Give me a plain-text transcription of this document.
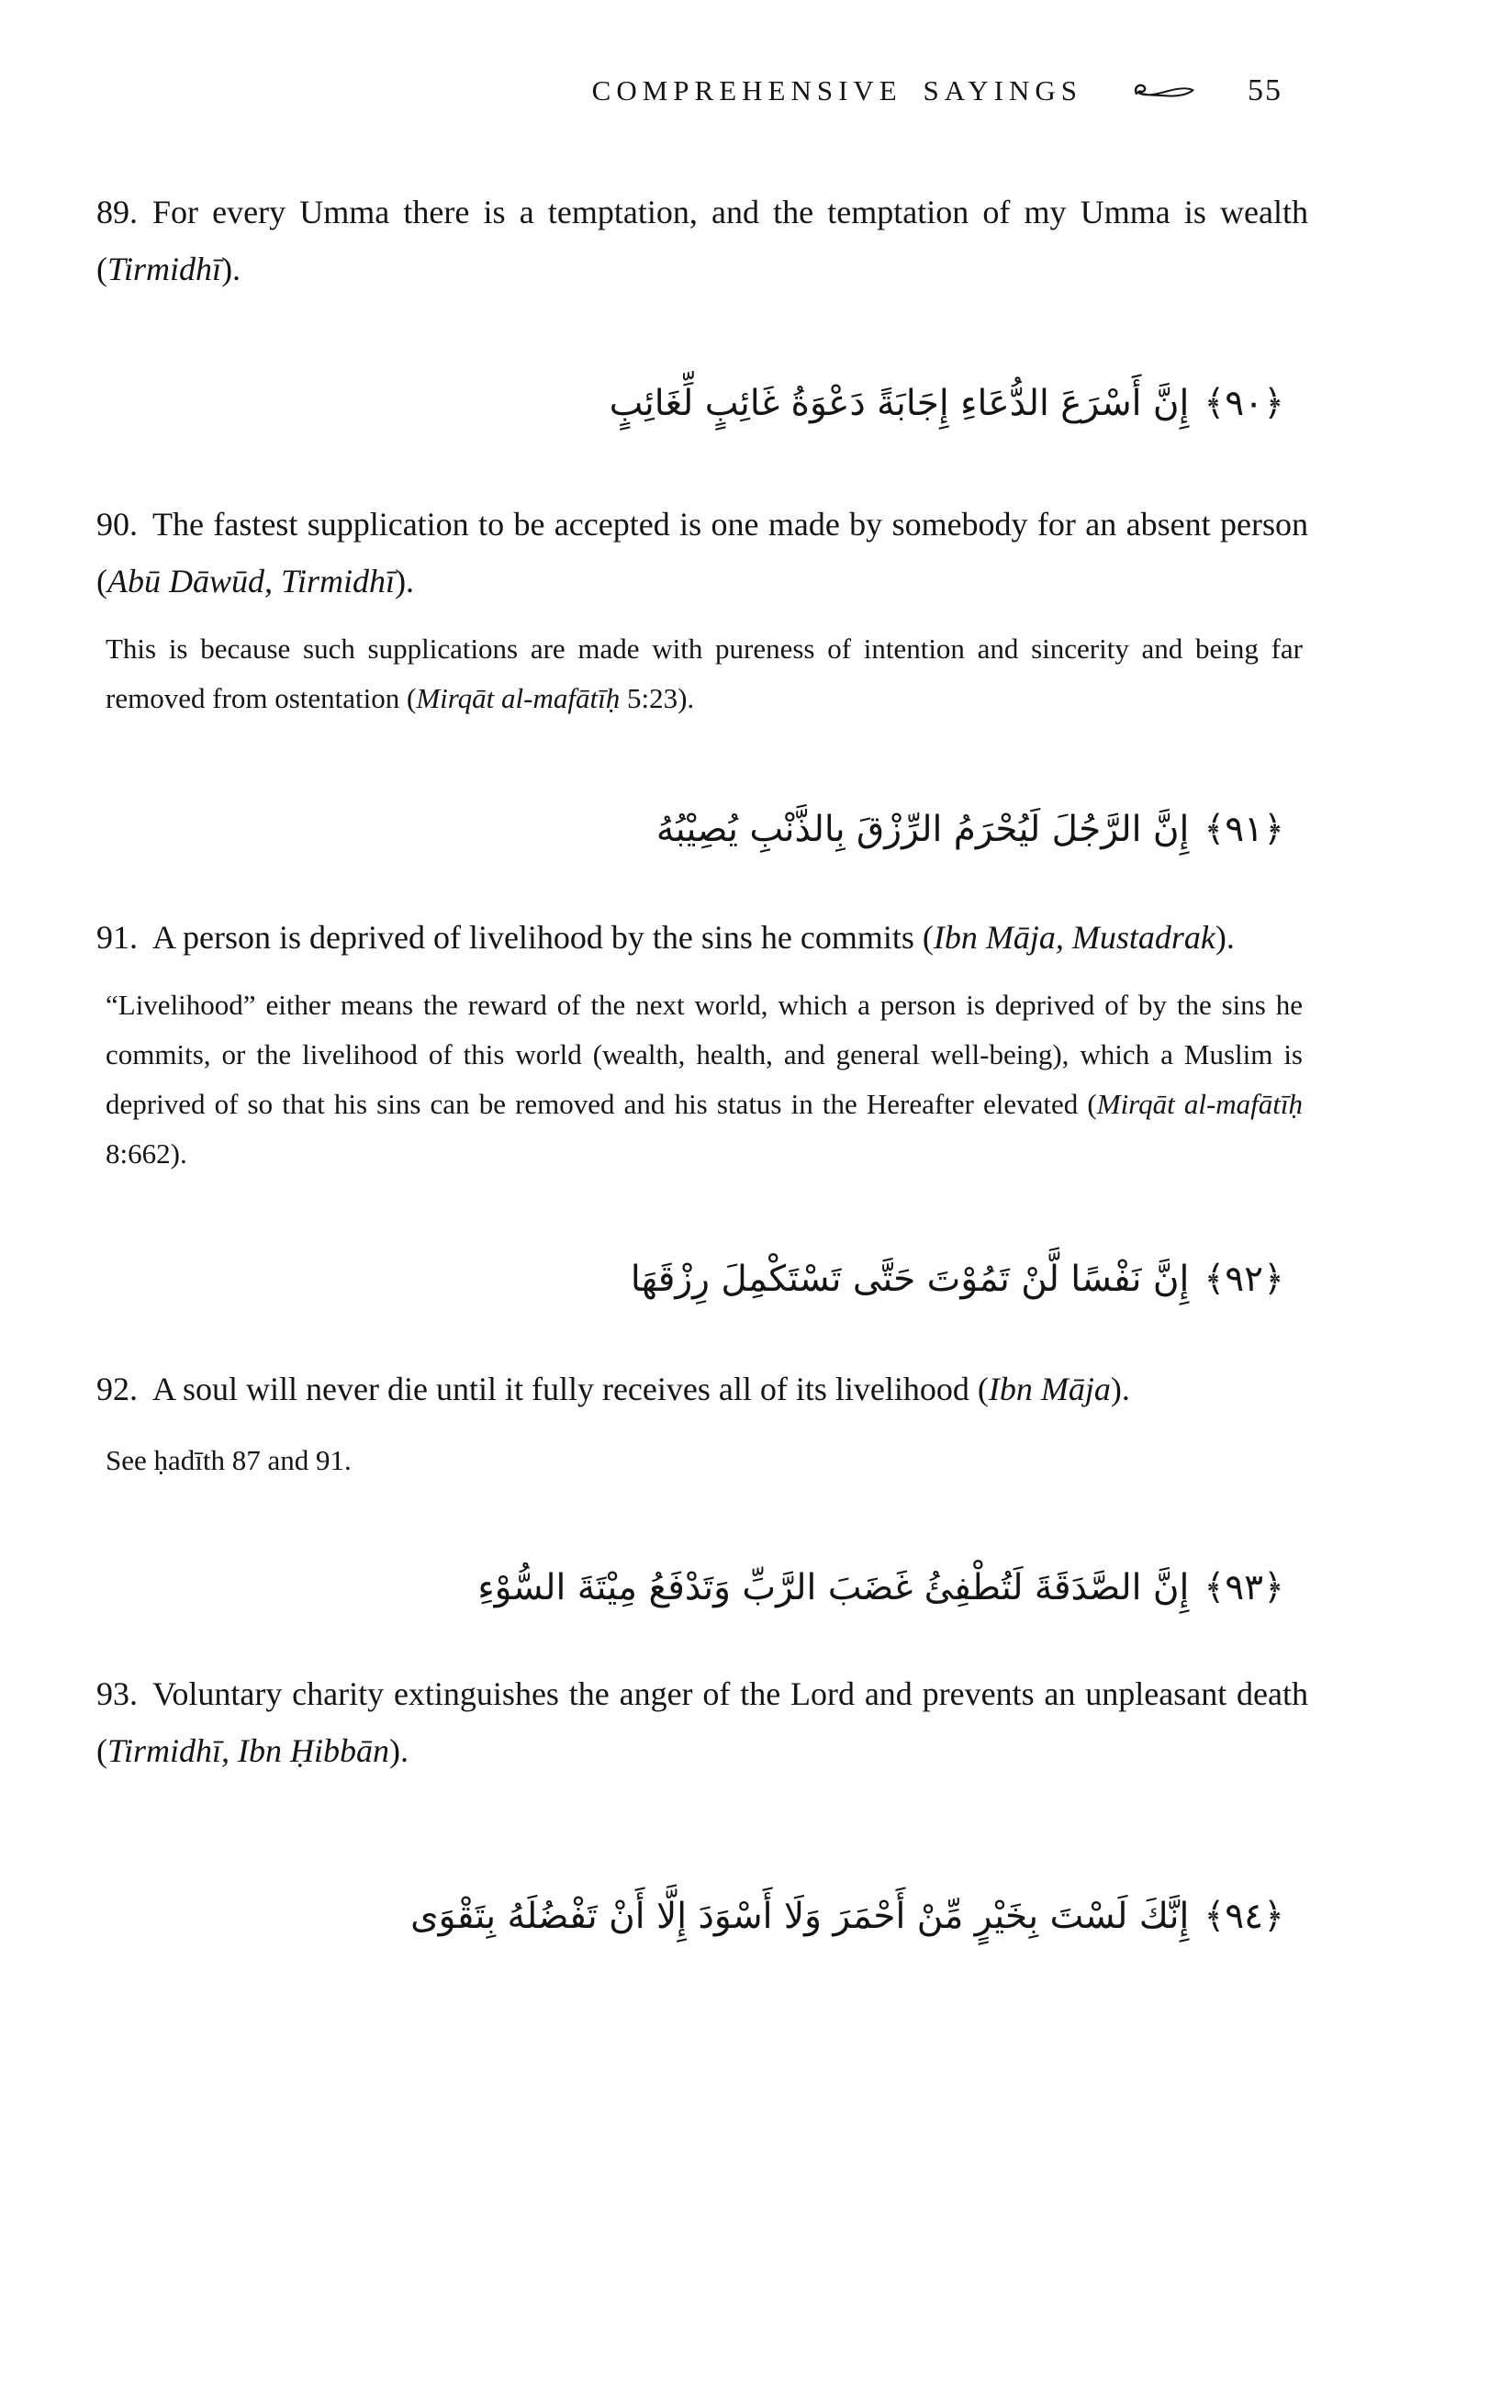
COMPREHENSIVE SAYINGS	55

89. For every Umma there is a temptation, and the temptation of my Umma is wealth (Tirmidhī).

﴿٩٠﴾إِنَّ أَسْرَعَ الدُّعَاءِ إِجَابَةً دَعْوَةُ غَائِبٍ لِّغَائِبٍ

90. The fastest supplication to be accepted is one made by somebody for an absent person (Abū Dāwūd, Tirmidhī).

This is because such supplications are made with pureness of intention and sincerity and being far removed from ostentation (Mirqāt al-mafātīḥ 5:23).

﴿٩١﴾إِنَّ الرَّجُلَ لَيُحْرَمُ الرِّزْقَ بِالذَّنْبِ يُصِيْبُهُ

91. A person is deprived of livelihood by the sins he commits (Ibn Māja, Mustadrak).

“Livelihood” either means the reward of the next world, which a person is deprived of by the sins he commits, or the livelihood of this world (wealth, health, and general well-being), which a Muslim is deprived of so that his sins can be removed and his status in the Hereafter elevated (Mirqāt al-mafātīḥ 8:662).

﴿٩٢﴾إِنَّ نَفْسًا لَّنْ تَمُوْتَ حَتَّى تَسْتَكْمِلَ رِزْقَهَا

92. A soul will never die until it fully receives all of its livelihood (Ibn Māja).

See ḥadīth 87 and 91.

﴿٩٣﴾إِنَّ الصَّدَقَةَ لَتُطْفِئُ غَضَبَ الرَّبِّ وَتَدْفَعُ مِيْتَةَ السُّوْءِ

93. Voluntary charity extinguishes the anger of the Lord and prevents an unpleasant death (Tirmidhī, Ibn Ḥibbān).

﴿٩٤﴾إِنَّكَ لَسْتَ بِخَيْرٍ مِّنْ أَحْمَرَ وَلَا أَسْوَدَ إِلَّا أَنْ تَفْضُلَهُ بِتَقْوَى
